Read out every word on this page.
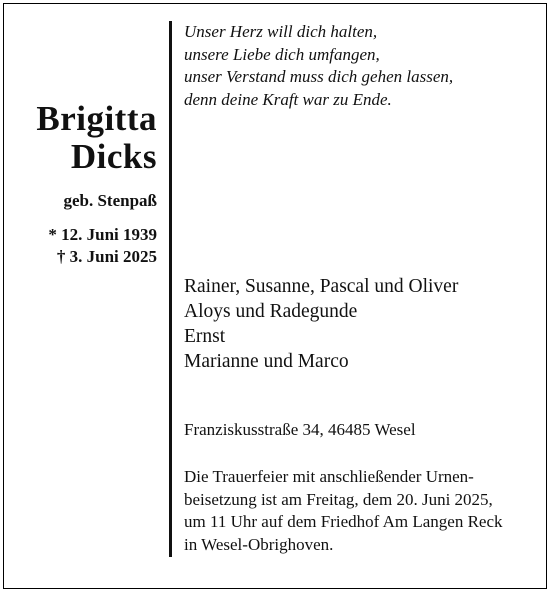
Brigitta

Dicks

geb. Stenpaß
* 12. Juni 1939
† 3. Juni 2025
Unser Herz will dich halten,
unsere Liebe dich umfangen,
unser Verstand muss dich gehen lassen,
denn deine Kraft war zu Ende.
Rainer, Susanne, Pascal und Oliver
Aloys und Radegunde
Ernst
Marianne und Marco
Franziskusstraße 34, 46485 Wesel
Die Trauerfeier mit anschließender Urnen-
beisetzung ist am Freitag, dem 20. Juni 2025,
um 11 Uhr auf dem Friedhof Am Langen Reck
in Wesel-Obrighoven.
